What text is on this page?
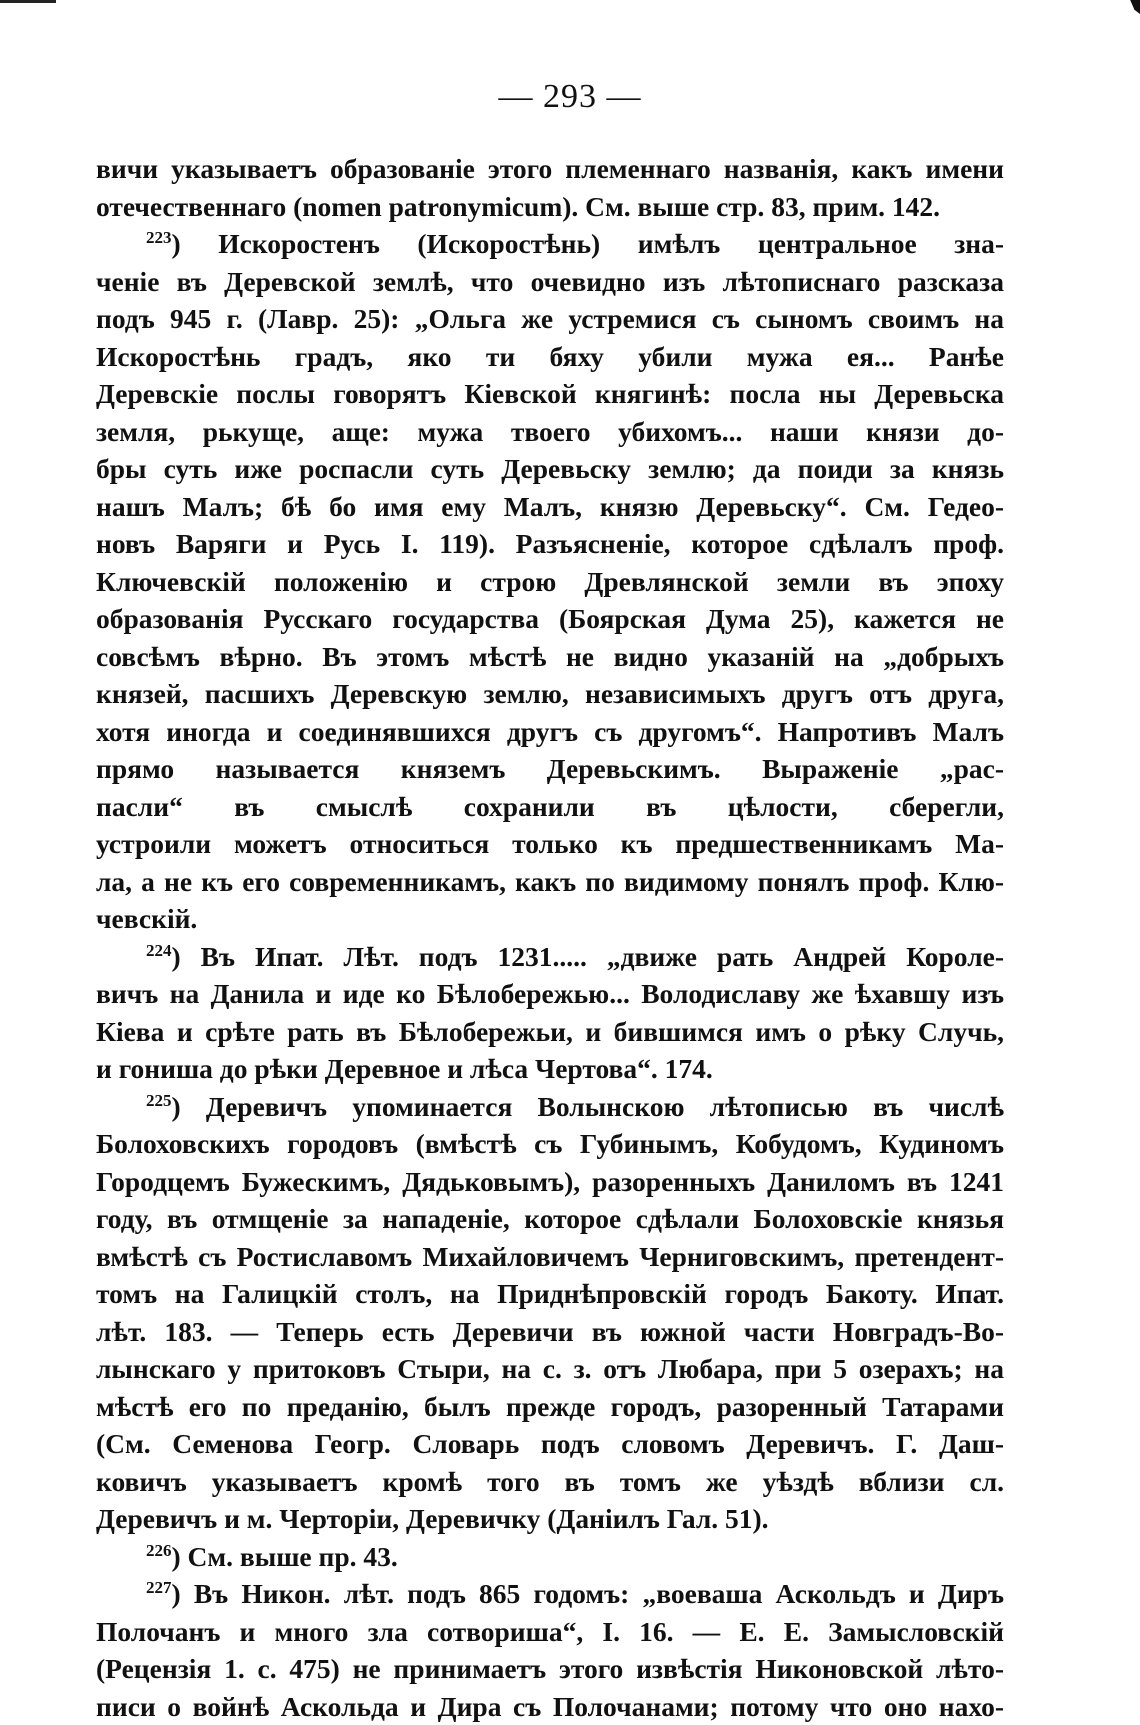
— 293 —
вичи указываетъ образованіе этого племеннаго названія, какъ имени
отечественнаго (nomen patronymicum). См. выше стр. 83, прим. 142.
$^{223}$) Искоростенъ (Искоростѣнь) имѣлъ центральное зна-
ченіе въ Деревской землѣ, что очевидно изъ лѣтописнаго разсказа
подъ 945 г. (Лавр. 25): „Ольга же устремися съ сыномъ своимъ на
Искоростѣнь градъ, яко ти бяху убили мужа ея... Ранѣе
Деревскіе послы говорятъ Кіевской княгинѣ: посла ны Деревьска
земля, рькуще, аще: мужа твоего убихомъ... наши князи до-
бры суть иже роспасли суть Деревьску землю; да поиди за князь
нашъ Малъ; бѣ бо имя ему Малъ, князю Деревьску“. См. Гедео-
новъ Варяги и Русь I. 119). Разъясненіе, которое сдѣлалъ проф.
Ключевскій положенію и строю Древлянской земли въ эпоху
образованія Русскаго государства (Боярская Дума 25), кажется не
совсѣмъ вѣрно. Въ этомъ мѣстѣ не видно указаній на „добрыхъ
князей, пасшихъ Деревскую землю, независимыхъ другъ отъ друга,
хотя иногда и соединявшихся другъ съ другомъ“. Напротивъ Малъ
прямо называется княземъ Деревьскимъ. Выраженіе „рас-
пасли“ въ смыслѣ сохранили въ цѣлости, сберегли,
устроили можетъ относиться только къ предшественникамъ Ма-
ла, а не къ его современникамъ, какъ по видимому понялъ проф. Клю-
чевскій.
$^{224}$) Въ Ипат. Лѣт. подъ 1231..... „движе рать Андрей Короле-
вичъ на Данила и иде ко Бѣлобережью... Володиславу же ѣхавшу изъ
Кіева и срѣте рать въ Бѣлобережьи, и бившимся имъ о рѣку Случь,
и гониша до рѣки Деревное и лѣса Чертова“. 174.
$^{225}$) Деревичъ упоминается Волынскою лѣтописью въ числѣ
Болоховскихъ городовъ (вмѣстѣ съ Губинымъ, Кобудомъ, Кудиномъ
Городцемъ Бужескимъ, Дядьковымъ), разоренныхъ Даниломъ въ 1241
году, въ отмщеніе за нападеніе, которое сдѣлали Болоховскіе князья
вмѣстѣ съ Ростиславомъ Михайловичемъ Черниговскимъ, претендент-
томъ на Галицкій столъ, на Приднѣпровскій городъ Бакоту. Ипат.
лѣт. 183. — Теперь есть Деревичи въ южной части Новградъ-Во-
лынскаго у притоковъ Стыри, на с. з. отъ Любара, при 5 озерахъ; на
мѣстѣ его по преданію, былъ прежде городъ, разоренный Татарами
(См. Семенова Геогр. Словарь подъ словомъ Деревичъ. Г. Даш-
ковичъ указываетъ кромѣ того въ томъ же уѣздѣ вблизи сл.
Деревичъ и м. Черторіи, Деревичку (Даніилъ Гал. 51).
$^{226}$) См. выше пр. 43.
$^{227}$) Въ Никон. лѣт. подъ 865 годомъ: „воеваша Аскольдъ и Диръ
Полочанъ и много зла сотвориша“, I. 16. — Е. Е. Замысловскій
(Рецензія 1. с. 475) не принимаетъ этого извѣстія Никоновской лѣто-
писи о войнѣ Аскольда и Дира съ Полочанами; потому что оно нахо-
